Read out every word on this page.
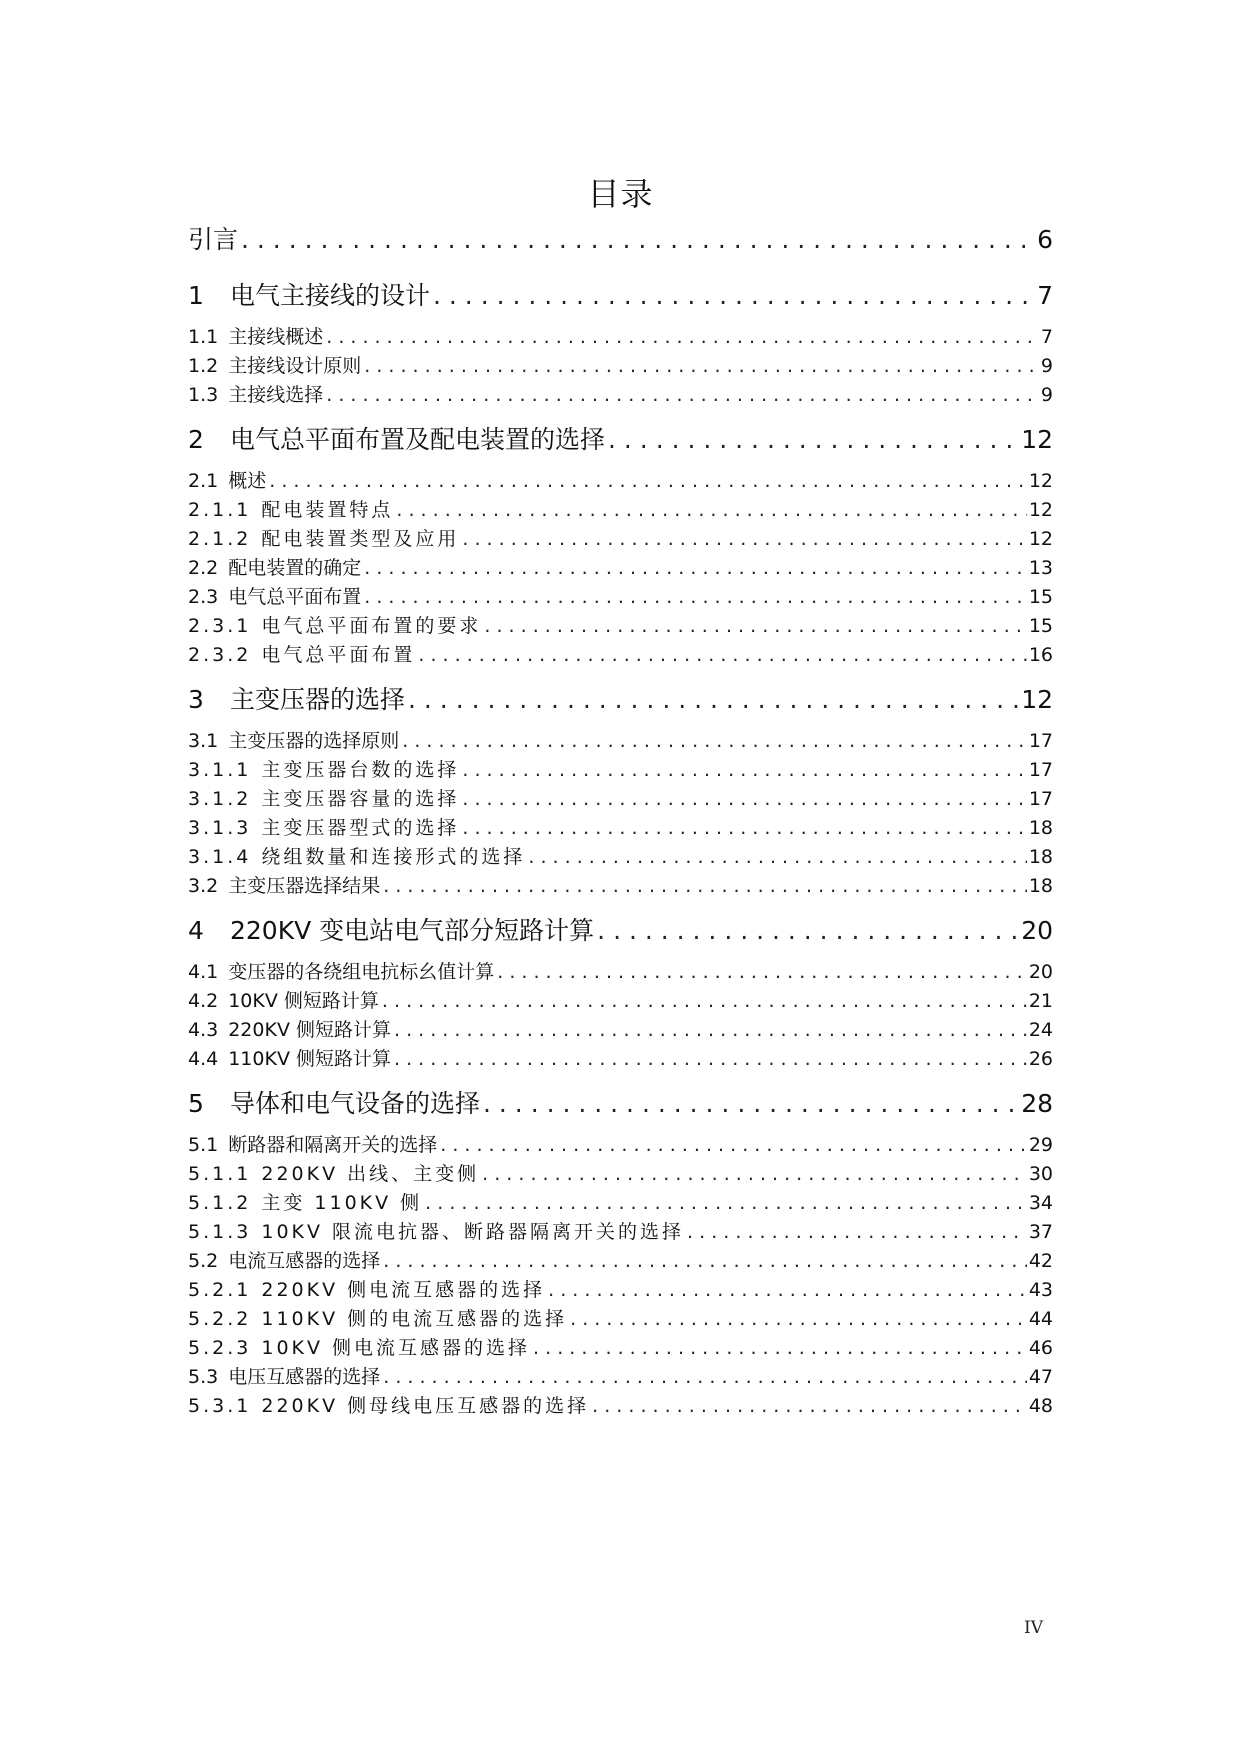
目录
引言 . . .	6
1	电气主接线的设计 . . .	7
1.1 主接线概述 . . .	7
1.2 主接线设计原则 . . .	9
1.3 主接线选择 . . .	9
2	电气总平面布置及配电装置的选择 . . .	12
2.1 概述 . . .	12
2.1.1 配电装置特点 . . .	12
2.1.2 配电装置类型及应用 . . .	12
2.2 配电装置的确定 . . .	13
2.3 电气总平面布置 . . .	15
2.3.1 电气总平面布置的要求 . . .	15
2.3.2 电气总平面布置 . . .	16
3	主变压器的选择 . . .	12
3.1 主变压器的选择原则 . . .	17
3.1.1 主变压器台数的选择 . . .	17
3.1.2 主变压器容量的选择 . . .	17
3.1.3 主变压器型式的选择 . . .	18
3.1.4 绕组数量和连接形式的选择 . . .	18
3.2 主变压器选择结果 . . .	18
4	220KV 变电站电气部分短路计算 . . .	20
4.1 变压器的各绕组电抗标幺值计算 . . .	20
4.2 10KV 侧短路计算 . . .	21
4.3 220KV 侧短路计算 . . .	24
4.4 110KV 侧短路计算 . . .	26
5	导体和电气设备的选择 . . .	28
5.1 断路器和隔离开关的选择 . . .	29
5.1.1 220KV 出线、主变侧 . . .	30
5.1.2 主变 110KV 侧 . . .	34
5.1.3 10KV 限流电抗器、断路器隔离开关的选择 . . .	37
5.2 电流互感器的选择 . . .	42
5.2.1 220KV 侧电流互感器的选择 . . .	43
5.2.2 110KV 侧的电流互感器的选择 . . .	44
5.2.3 10KV 侧电流互感器的选择 . . .	46
5.3 电压互感器的选择 . . .	47
5.3.1 220KV 侧母线电压互感器的选择 . . .	48
IV
